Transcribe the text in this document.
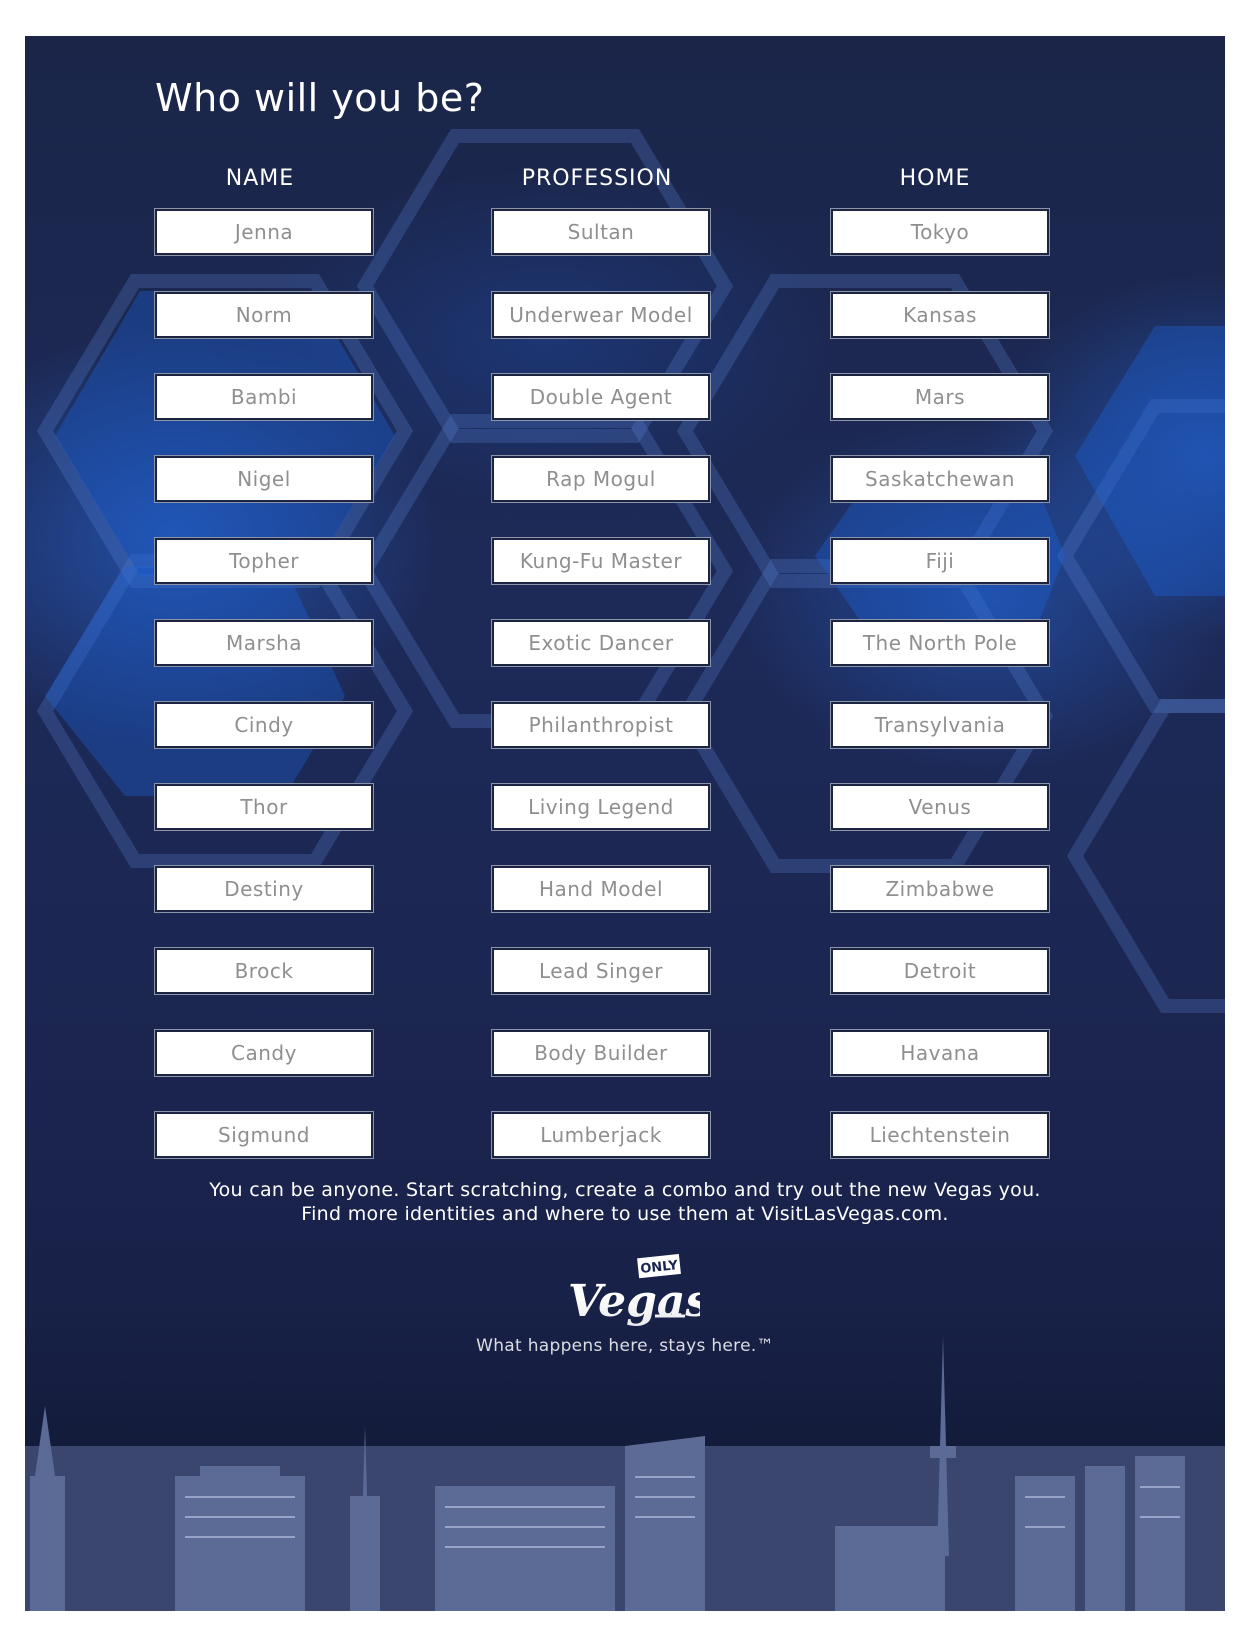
Who will you be?
NAME	PROFESSION	HOME
Jenna
Norm
Bambi
Nigel
Topher
Marsha
Cindy
Thor
Destiny
Brock
Candy
Sigmund
Sultan
Underwear Model
Double Agent
Rap Mogul
Kung-Fu Master
Exotic Dancer
Philanthropist
Living Legend
Hand Model
Lead Singer
Body Builder
Lumberjack
Tokyo
Kansas
Mars
Saskatchewan
Fiji
The North Pole
Transylvania
Venus
Zimbabwe
Detroit
Havana
Liechtenstein
You can be anyone. Start scratching, create a combo and try out the new Vegas you.
Find more identities and where to use them at VisitLasVegas.com.
ONLY
